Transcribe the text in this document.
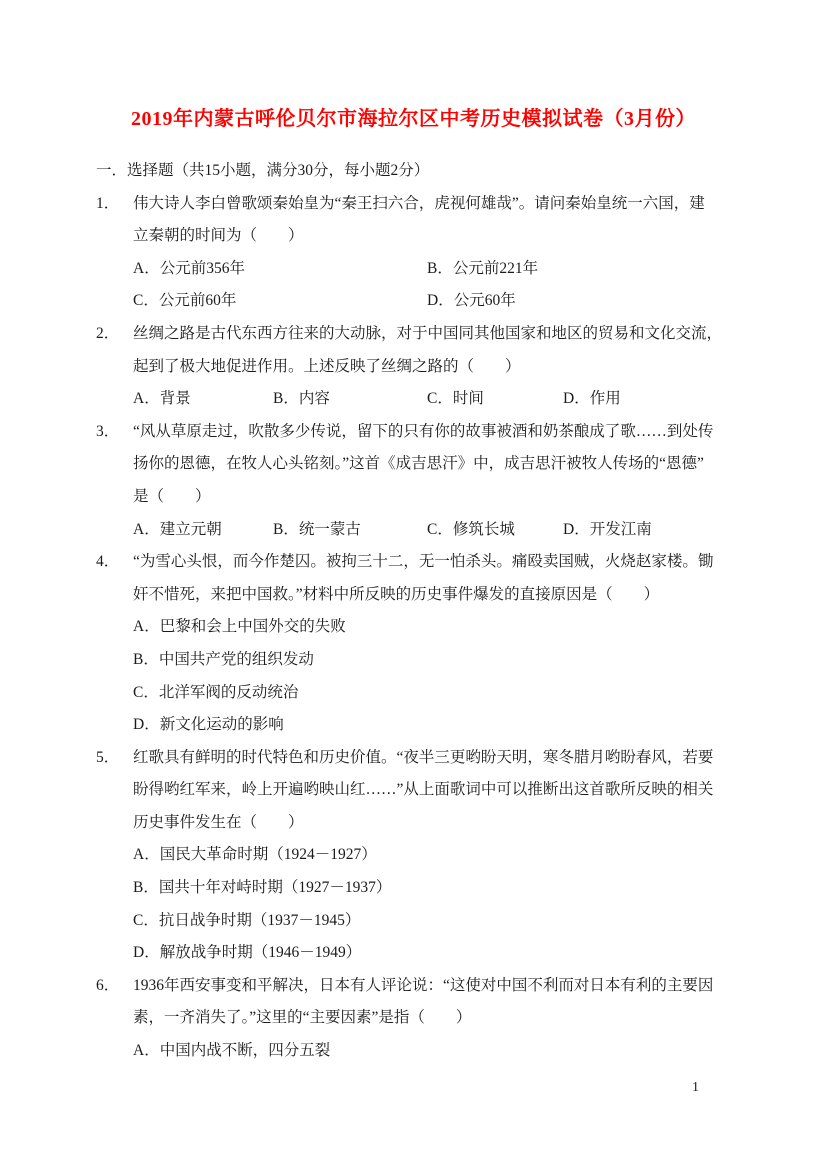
2019年内蒙古呼伦贝尔市海拉尔区中考历史模拟试卷（3月份）
一．选择题（共15小题，满分30分，每小题2分）
1． 伟大诗人李白曾歌颂秦始皇为“秦王扫六合，虎视何雄哉”。请问秦始皇统一六国，建
立秦朝的时间为（　　）
A．公元前356年	B．公元前221年
C．公元前60年	D．公元60年
2． 丝绸之路是古代东西方往来的大动脉，对于中国同其他国家和地区的贸易和文化交流，
起到了极大地促进作用。上述反映了丝绸之路的（　　）
A．背景	B．内容	C．时间	D．作用
3． “风从草原走过，吹散多少传说，留下的只有你的故事被酒和奶茶酿成了歌……到处传
扬你的恩德，在牧人心头铭刻。”这首《成吉思汗》中，成吉思汗被牧人传场的“恩德”
是（　　）
A．建立元朝	B．统一蒙古	C．修筑长城	D．开发江南
4． “为雪心头恨，而今作楚囚。被拘三十二，无一怕杀头。痛殴卖国贼，火烧赵家楼。锄
奸不惜死，来把中国救。”材料中所反映的历史事件爆发的直接原因是（　　）
A．巴黎和会上中国外交的失败
B．中国共产党的组织发动
C．北洋军阀的反动统治
D．新文化运动的影响
5． 红歌具有鲜明的时代特色和历史价值。“夜半三更哟盼天明，寒冬腊月哟盼春风，若要
盼得哟红军来，岭上开遍哟映山红……”从上面歌词中可以推断出这首歌所反映的相关
历史事件发生在（　　）
A．国民大革命时期（1924－1927）
B．国共十年对峙时期（1927－1937）
C．抗日战争时期（1937－1945）
D．解放战争时期（1946－1949）
6． 1936年西安事变和平解决，日本有人评论说：“这使对中国不利而对日本有利的主要因
素，一齐消失了。”这里的“主要因素”是指（　　）
A．中国内战不断，四分五裂
1
